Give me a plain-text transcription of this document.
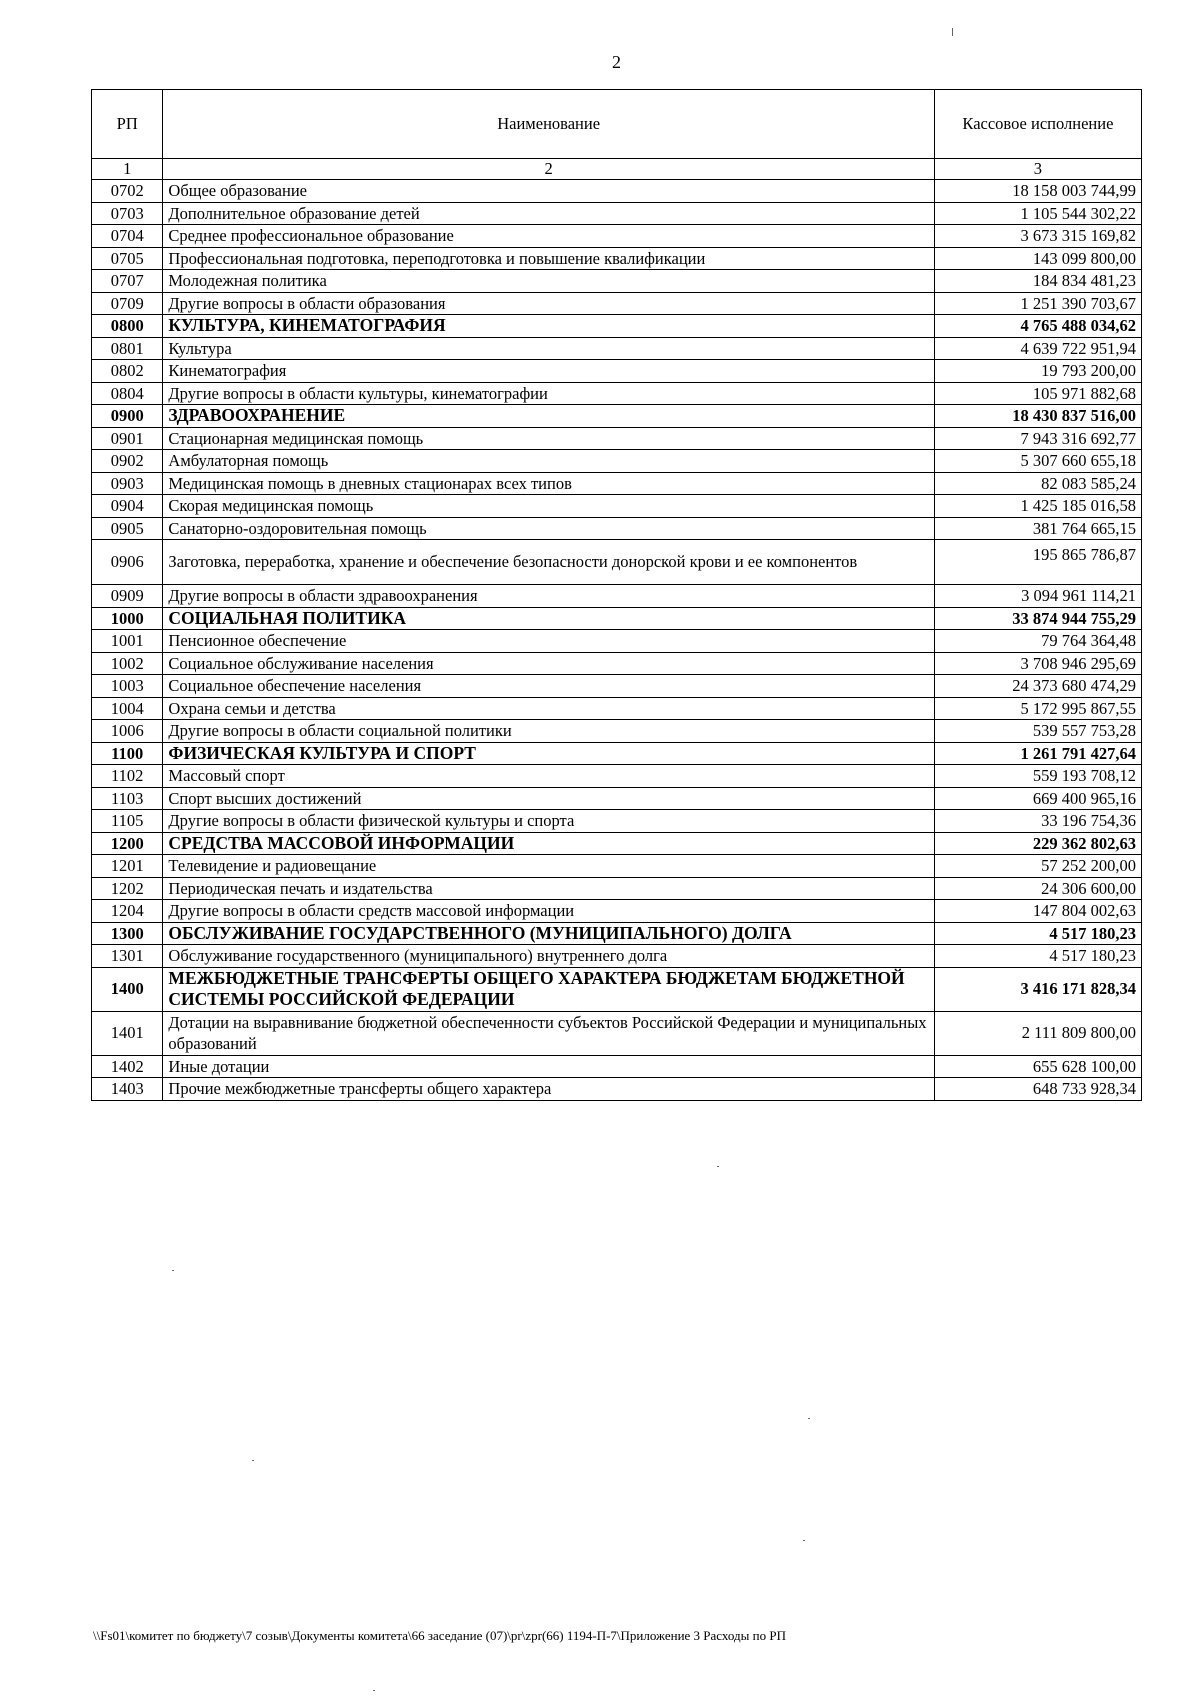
2
РП	Наименование	Кассовое исполнение
1	2	3
0702	Общее образование	18 158 003 744,99
0703	Дополнительное образование детей	1 105 544 302,22
0704	Среднее профессиональное образование	3 673 315 169,82
0705	Профессиональная подготовка, переподготовка и повышение квалификации	143 099 800,00
0707	Молодежная политика	184 834 481,23
0709	Другие вопросы в области образования	1 251 390 703,67
0800	КУЛЬТУРА, КИНЕМАТОГРАФИЯ	4 765 488 034,62
0801	Культура	4 639 722 951,94
0802	Кинематография	19 793 200,00
0804	Другие вопросы в области культуры, кинематографии	105 971 882,68
0900	ЗДРАВООХРАНЕНИЕ	18 430 837 516,00
0901	Стационарная медицинская помощь	7 943 316 692,77
0902	Амбулаторная помощь	5 307 660 655,18
0903	Медицинская помощь в дневных стационарах всех типов	82 083 585,24
0904	Скорая медицинская помощь	1 425 185 016,58
0905	Санаторно-оздоровительная помощь	381 764 665,15
0906	Заготовка, переработка, хранение и обеспечение безопасности донорской крови и ее компонентов	195 865 786,87
0909	Другие вопросы в области здравоохранения	3 094 961 114,21
1000	СОЦИАЛЬНАЯ ПОЛИТИКА	33 874 944 755,29
1001	Пенсионное обеспечение	79 764 364,48
1002	Социальное обслуживание населения	3 708 946 295,69
1003	Социальное обеспечение населения	24 373 680 474,29
1004	Охрана семьи и детства	5 172 995 867,55
1006	Другие вопросы в области социальной политики	539 557 753,28
1100	ФИЗИЧЕСКАЯ КУЛЬТУРА И СПОРТ	1 261 791 427,64
1102	Массовый спорт	559 193 708,12
1103	Спорт высших достижений	669 400 965,16
1105	Другие вопросы в области физической культуры и спорта	33 196 754,36
1200	СРЕДСТВА МАССОВОЙ ИНФОРМАЦИИ	229 362 802,63
1201	Телевидение и радиовещание	57 252 200,00
1202	Периодическая печать и издательства	24 306 600,00
1204	Другие вопросы в области средств массовой информации	147 804 002,63
1300	ОБСЛУЖИВАНИЕ ГОСУДАРСТВЕННОГО (МУНИЦИПАЛЬНОГО) ДОЛГА	4 517 180,23
1301	Обслуживание государственного (муниципального) внутреннего долга	4 517 180,23
1400	МЕЖБЮДЖЕТНЫЕ ТРАНСФЕРТЫ ОБЩЕГО ХАРАКТЕРА БЮДЖЕТАМ БЮДЖЕТНОЙ СИСТЕМЫ РОССИЙСКОЙ ФЕДЕРАЦИИ	3 416 171 828,34
1401	Дотации на выравнивание бюджетной обеспеченности субъектов Российской Федерации и муниципальных образований	2 111 809 800,00
1402	Иные дотации	655 628 100,00
1403	Прочие межбюджетные трансферты общего характера	648 733 928,34
\\Fs01\комитет по бюджету\7 созыв\Документы комитета\66 заседание (07)\pr\zpr(66) 1194-П-7\Приложение 3 Расходы по РП
